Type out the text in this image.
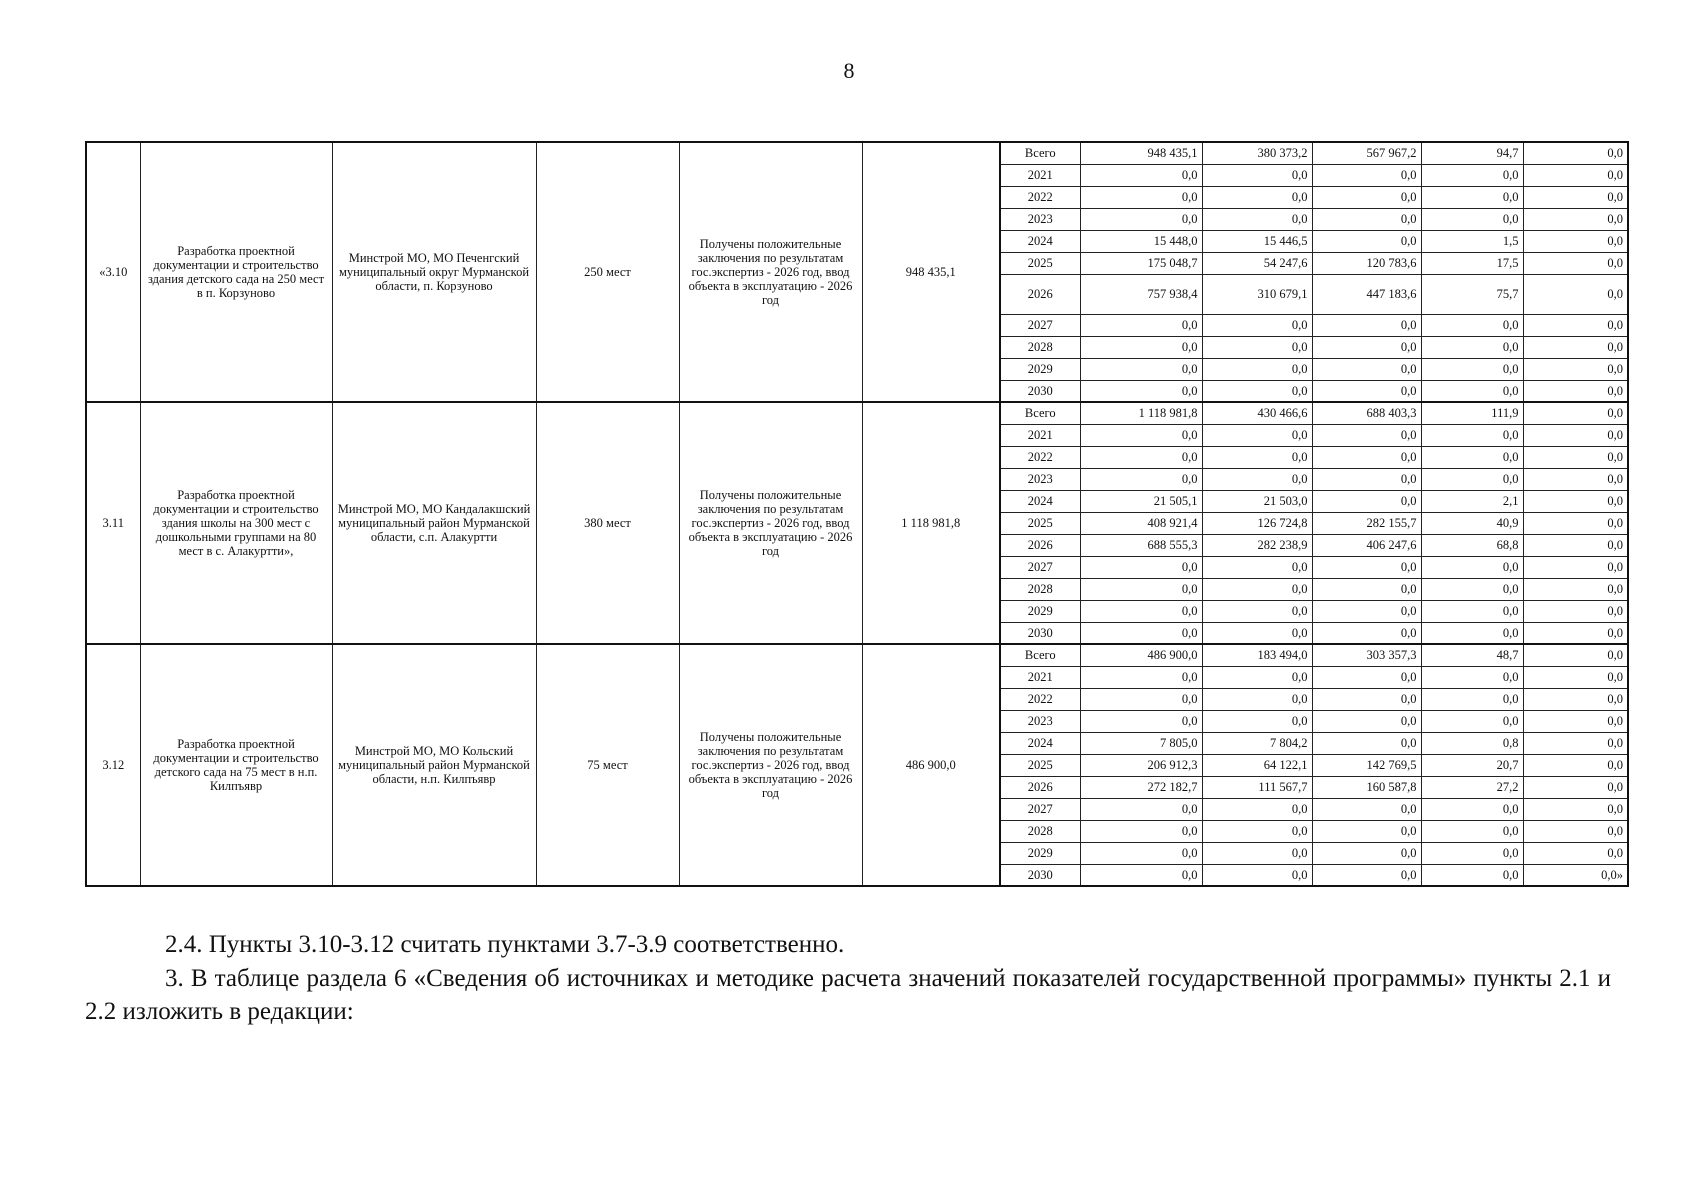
8
«3.10	Разработка проектной документации и строительство здания детского сада на 250 мест в п. Корзуново	Минстрой МО, МО Печенгский муниципальный округ Мурманской области, п. Корзуново	250 мест	Получены положительные заключения по результатам гос.экспертиз - 2026 год, ввод объекта в эксплуатацию - 2026 год	948 435,1	Всего	948 435,1	380 373,2	567 967,2	94,7	0,0
						2021	0,0	0,0	0,0	0,0	0,0
						2022	0,0	0,0	0,0	0,0	0,0
						2023	0,0	0,0	0,0	0,0	0,0
						2024	15 448,0	15 446,5	0,0	1,5	0,0
						2025	175 048,7	54 247,6	120 783,6	17,5	0,0
						2026	757 938,4	310 679,1	447 183,6	75,7	0,0
						2027	0,0	0,0	0,0	0,0	0,0
						2028	0,0	0,0	0,0	0,0	0,0
						2029	0,0	0,0	0,0	0,0	0,0
						2030	0,0	0,0	0,0	0,0	0,0
3.11	Разработка проектной документации и строительство здания школы на 300 мест с дошкольными группами на 80 мест в с. Алакуртти»,	Минстрой МО, МО Кандалакшский муниципальный район Мурманской области, с.п. Алакуртти	380 мест	Получены положительные заключения по результатам гос.экспертиз - 2026 год, ввод объекта в эксплуатацию - 2026 год	1 118 981,8	Всего	1 118 981,8	430 466,6	688 403,3	111,9	0,0
						2021	0,0	0,0	0,0	0,0	0,0
						2022	0,0	0,0	0,0	0,0	0,0
						2023	0,0	0,0	0,0	0,0	0,0
						2024	21 505,1	21 503,0	0,0	2,1	0,0
						2025	408 921,4	126 724,8	282 155,7	40,9	0,0
						2026	688 555,3	282 238,9	406 247,6	68,8	0,0
						2027	0,0	0,0	0,0	0,0	0,0
						2028	0,0	0,0	0,0	0,0	0,0
						2029	0,0	0,0	0,0	0,0	0,0
						2030	0,0	0,0	0,0	0,0	0,0
3.12	Разработка проектной документации и строительство детского сада на 75 мест в н.п. Килпъявр	Минстрой МО, МО Кольский муниципальный район Мурманской области, н.п. Килпъявр	75 мест	Получены положительные заключения по результатам гос.экспертиз - 2026 год, ввод объекта в эксплуатацию - 2026 год	486 900,0	Всего	486 900,0	183 494,0	303 357,3	48,7	0,0
						2021	0,0	0,0	0,0	0,0	0,0
						2022	0,0	0,0	0,0	0,0	0,0
						2023	0,0	0,0	0,0	0,0	0,0
						2024	7 805,0	7 804,2	0,0	0,8	0,0
						2025	206 912,3	64 122,1	142 769,5	20,7	0,0
						2026	272 182,7	111 567,7	160 587,8	27,2	0,0
						2027	0,0	0,0	0,0	0,0	0,0
						2028	0,0	0,0	0,0	0,0	0,0
						2029	0,0	0,0	0,0	0,0	0,0
						2030	0,0	0,0	0,0	0,0	0,0»
2.4. Пункты 3.10-3.12 считать пунктами 3.7-3.9 соответственно.
3. В таблице раздела 6 «Сведения об источниках и методике расчета значений показателей государственной программы» пункты 2.1 и 2.2 изложить в редакции:
